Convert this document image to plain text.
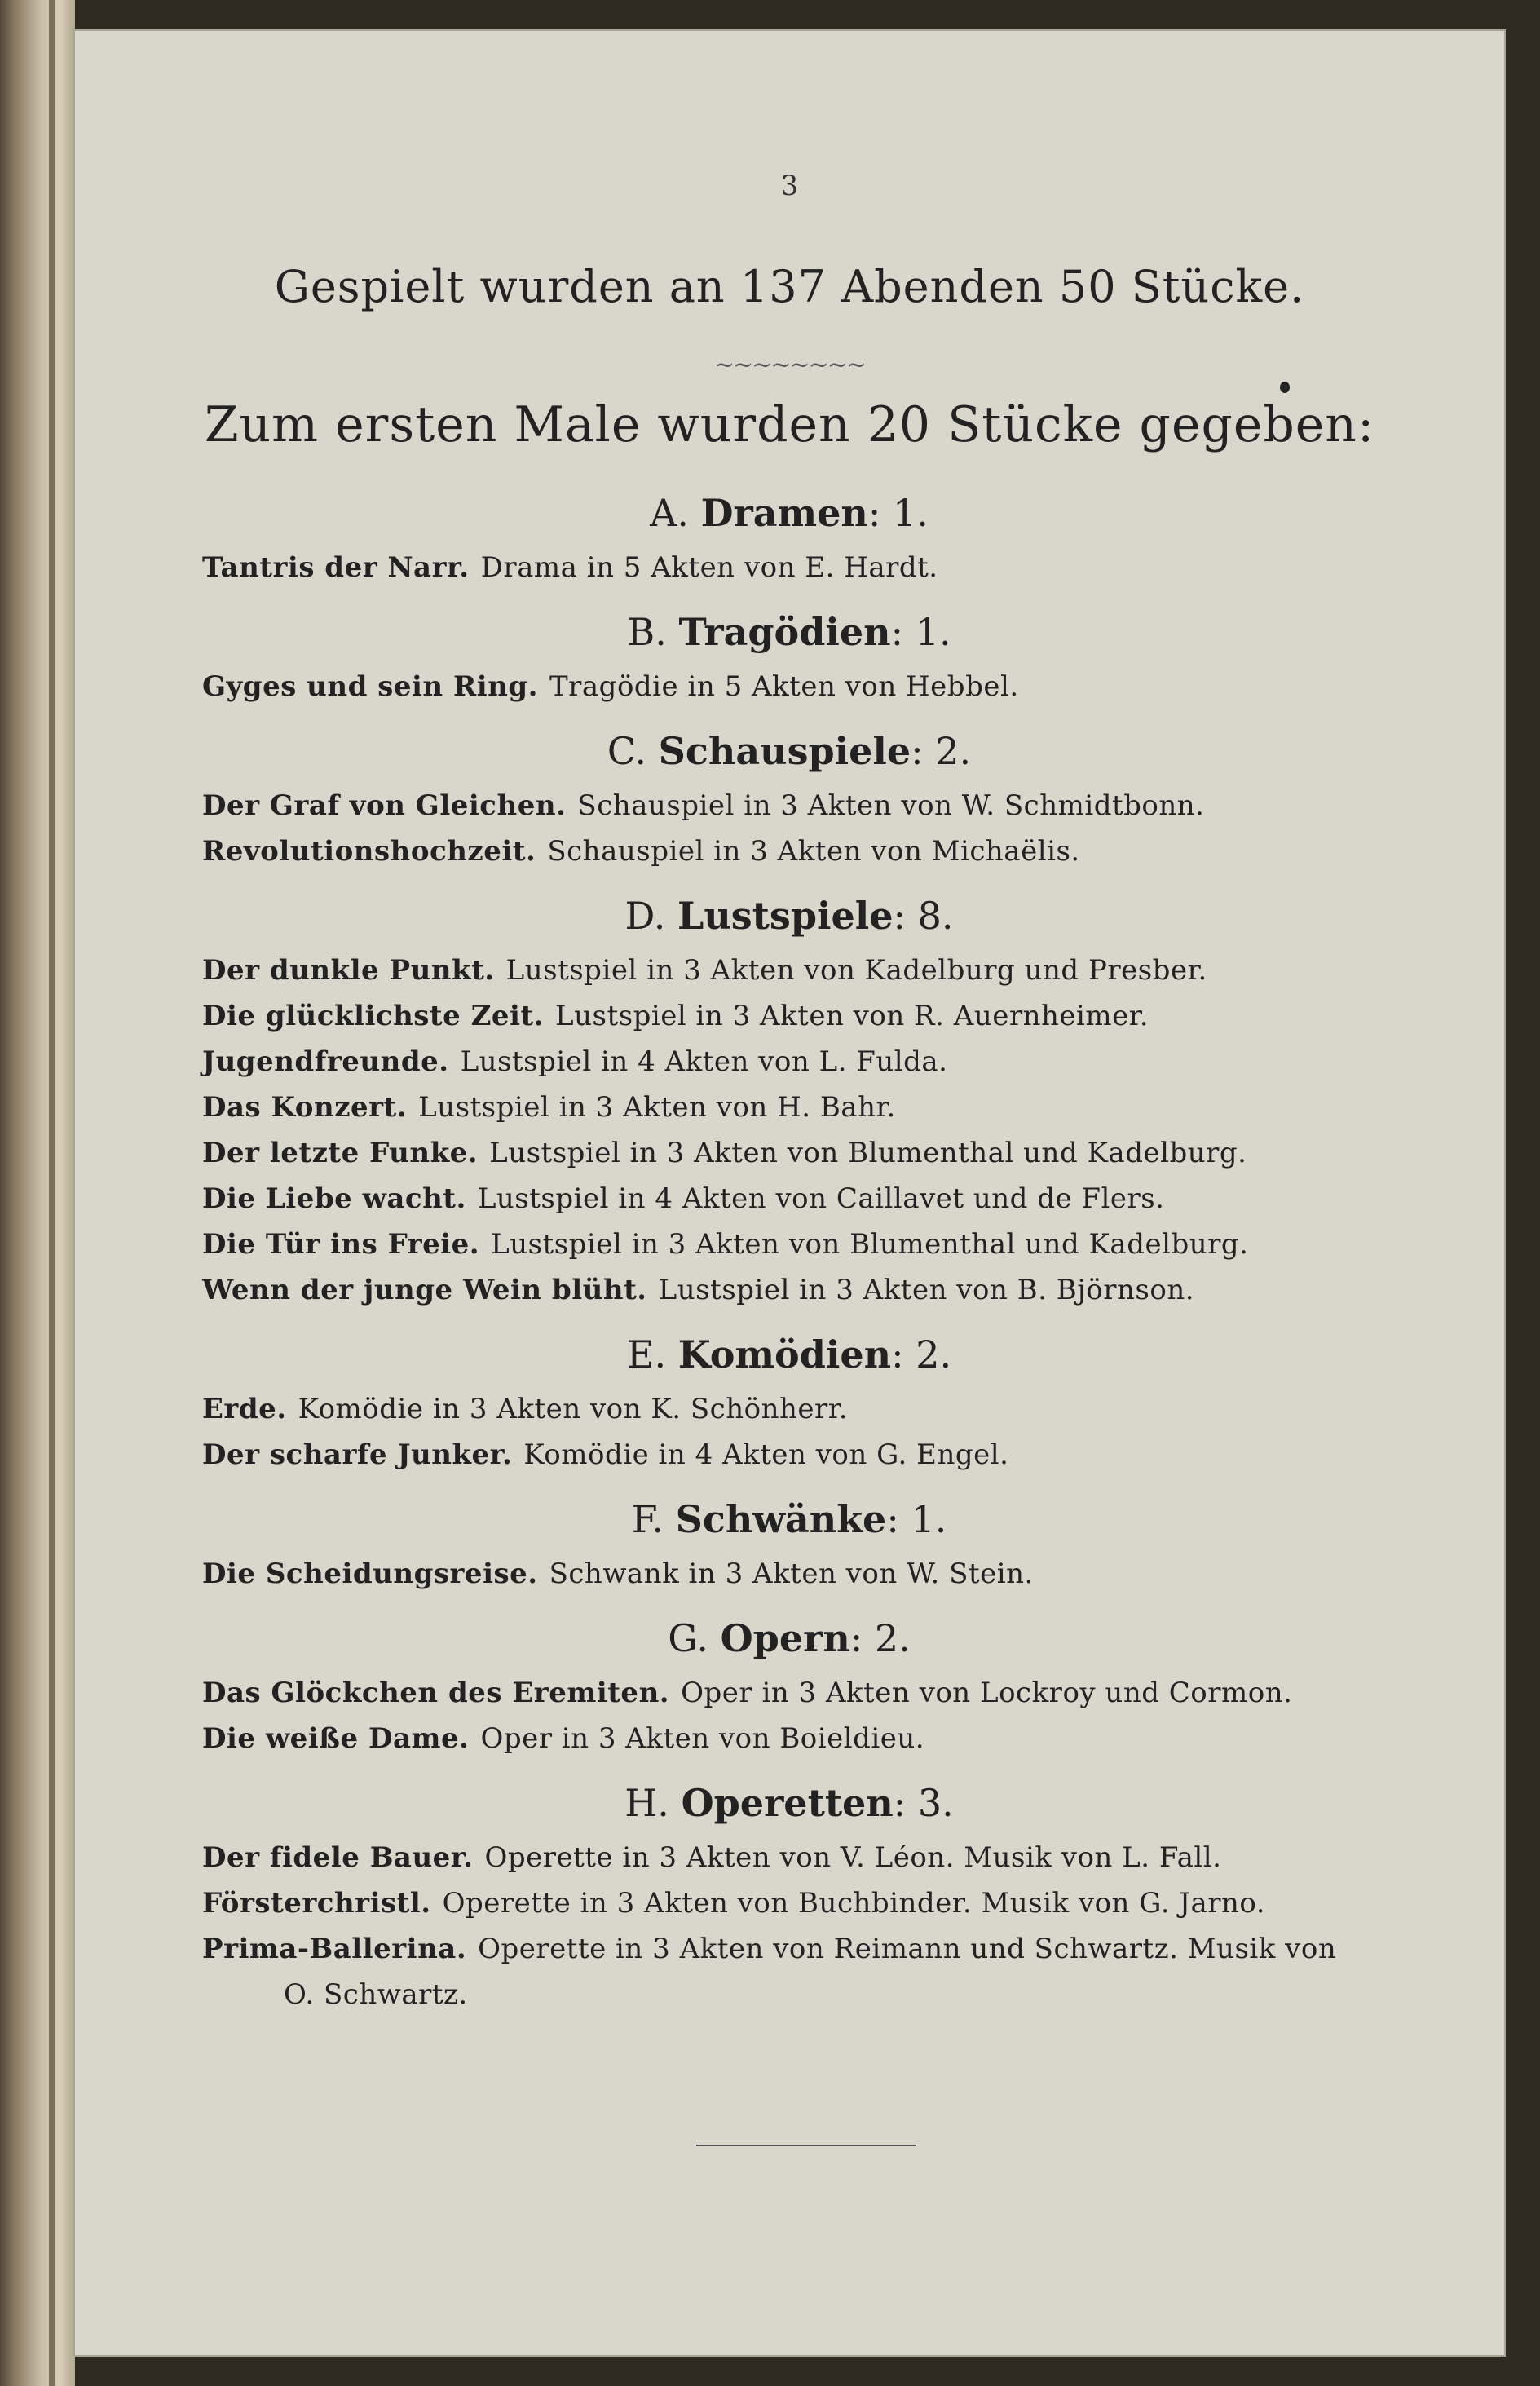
3
Gespielt wurden an 137 Abenden 50 Stücke.
~~~~~~~~
Zum ersten Male wurden 20 Stücke gegeben:
A. Dramen: 1.
Tantris der Narr. Drama in 5 Akten von E. Hardt.
B. Tragödien: 1.
Gyges und sein Ring. Tragödie in 5 Akten von Hebbel.
C. Schauspiele: 2.
Der Graf von Gleichen. Schauspiel in 3 Akten von W. Schmidtbonn.
Revolutionshochzeit. Schauspiel in 3 Akten von Michaëlis.
D. Lustspiele: 8.
Der dunkle Punkt. Lustspiel in 3 Akten von Kadelburg und Presber.
Die glücklichste Zeit. Lustspiel in 3 Akten von R. Auernheimer.
Jugendfreunde. Lustspiel in 4 Akten von L. Fulda.
Das Konzert. Lustspiel in 3 Akten von H. Bahr.
Der letzte Funke. Lustspiel in 3 Akten von Blumenthal und Kadelburg.
Die Liebe wacht. Lustspiel in 4 Akten von Caillavet und de Flers.
Die Tür ins Freie. Lustspiel in 3 Akten von Blumenthal und Kadelburg.
Wenn der junge Wein blüht. Lustspiel in 3 Akten von B. Björnson.
E. Komödien: 2.
Erde. Komödie in 3 Akten von K. Schönherr.
Der scharfe Junker. Komödie in 4 Akten von G. Engel.
F. Schwänke: 1.
Die Scheidungsreise. Schwank in 3 Akten von W. Stein.
G. Opern: 2.
Das Glöckchen des Eremiten. Oper in 3 Akten von Lockroy und Cormon.
Die weiße Dame. Oper in 3 Akten von Boieldieu.
H. Operetten: 3.
Der fidele Bauer. Operette in 3 Akten von V. Léon. Musik von L. Fall.
Försterchristl. Operette in 3 Akten von Buchbinder. Musik von G. Jarno.
Prima-Ballerina. Operette in 3 Akten von Reimann und Schwartz. Musik von O. Schwartz.
